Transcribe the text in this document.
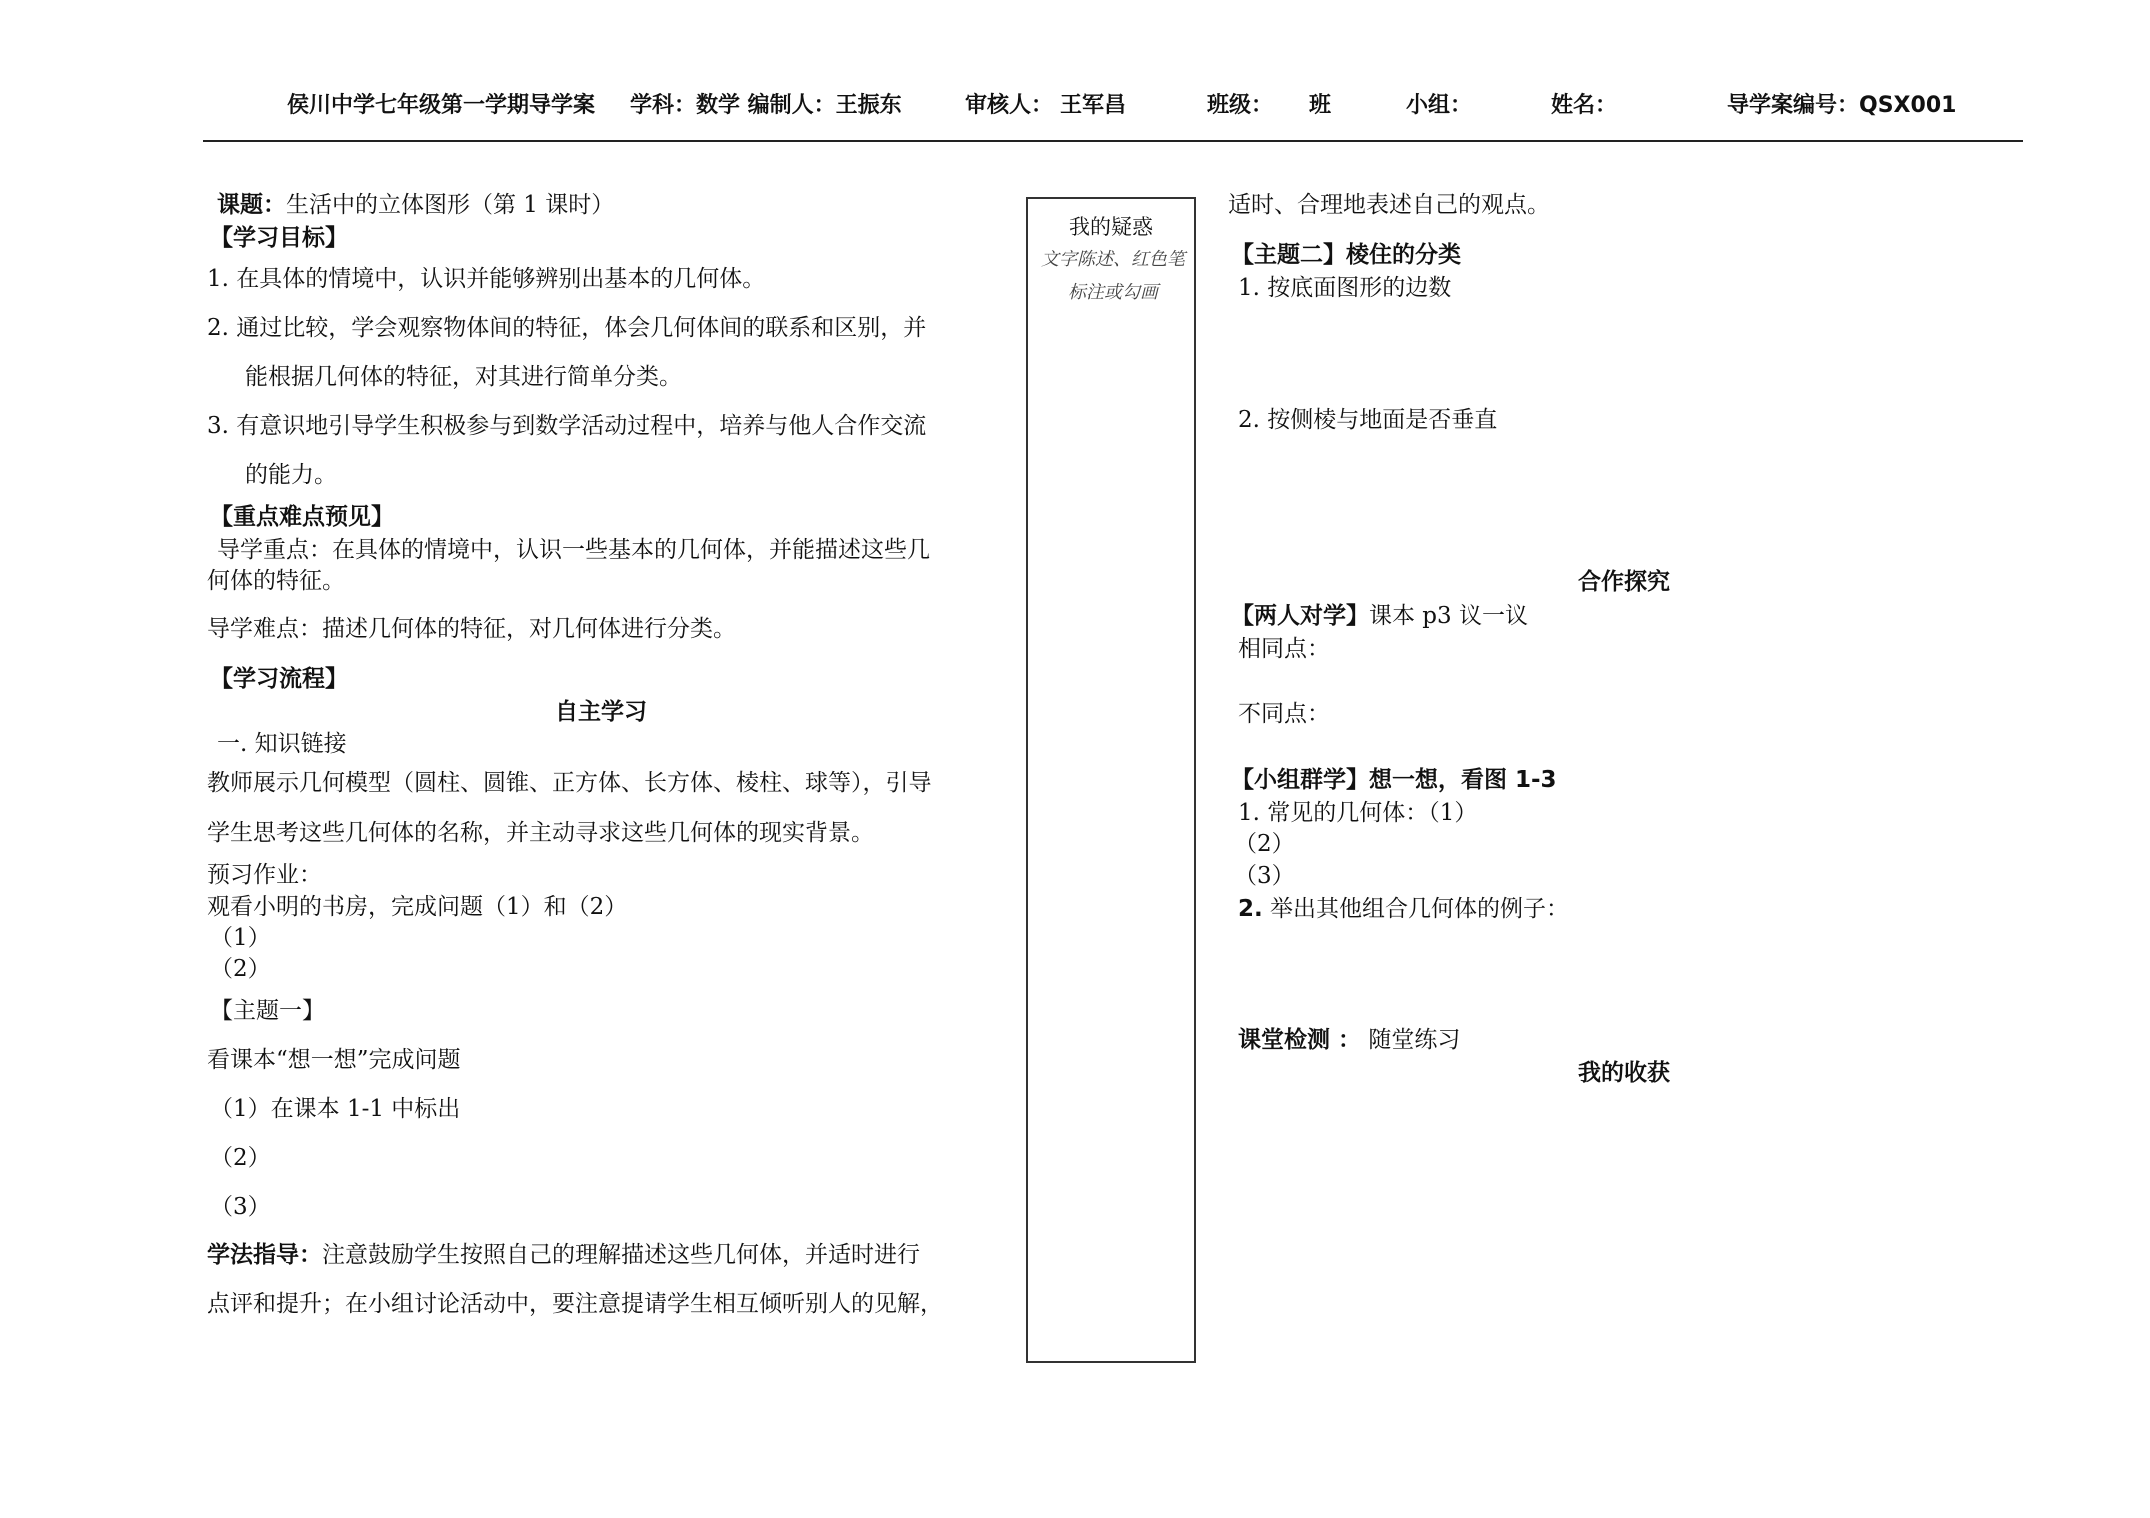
侯川中学七年级第一学期导学案 学科：数学 编制人：王振东	审核人： 王军昌	班级： 班	小组：	姓名：	导学案编号：QSX001
课题：生活中的立体图形（第 1 课时）
【学习目标】
1. 在具体的情境中，认识并能够辨别出基本的几何体。
2. 通过比较，学会观察物体间的特征，体会几何体间的联系和区别，并
能根据几何体的特征，对其进行简单分类。
3. 有意识地引导学生积极参与到数学活动过程中，培养与他人合作交流
的能力。
【重点难点预见】
导学重点：在具体的情境中，认识一些基本的几何体，并能描述这些几
何体的特征。
导学难点：描述几何体的特征，对几何体进行分类。
【学习流程】
自主学习
一. 知识链接
教师展示几何模型（圆柱、圆锥、正方体、长方体、棱柱、球等），引导
学生思考这些几何体的名称，并主动寻求这些几何体的现实背景。
预习作业：
观看小明的书房，完成问题（1）和（2）
（1）
（2）
【主题一】
看课本“想一想”完成问题
（1）在课本 1-1 中标出
（2）
（3）
学法指导：注意鼓励学生按照自己的理解描述这些几何体，并适时进行
点评和提升；在小组讨论活动中，要注意提请学生相互倾听别人的见解，
我的疑惑
文字陈述、红色笔标注或勾画
适时、合理地表述自己的观点。
【主题二】棱住的分类
1. 按底面图形的边数
2. 按侧棱与地面是否垂直
合作探究
【两人对学】课本 p3 议一议
相同点：
不同点：
【小组群学】想一想，看图 1-3
1. 常见的几何体：（1）
（2）
（3）
2. 举出其他组合几何体的例子：
课堂检测 ： 随堂练习
我的收获
